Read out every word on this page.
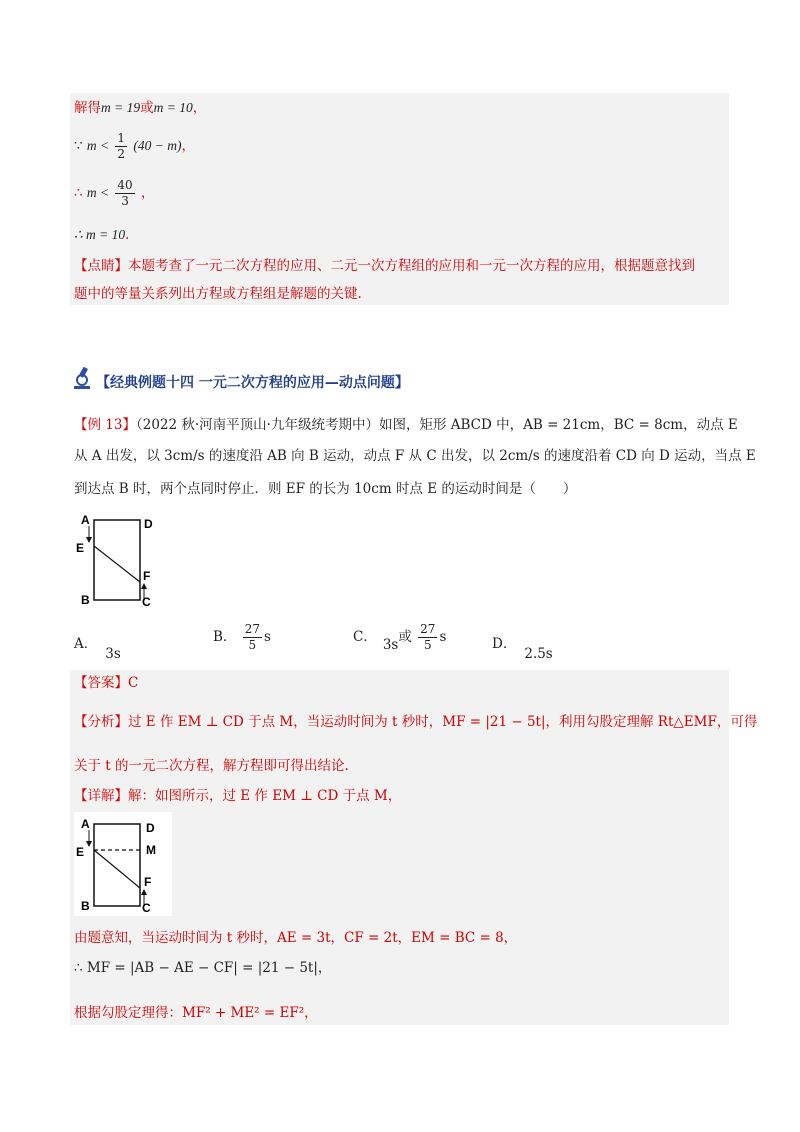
解得m = 19或m = 10，
∵ $m < \frac{1}{2} (40 - m)$，
∴ $m < \frac{40}{3}$ ，
∴ m = 10．
【点睛】本题考查了一元二次方程的应用、二元一次方程组的应用和一元一次方程的应用，根据题意找到
题中的等量关系列出方程或方程组是解题的关键.
【经典例题十四 一元二次方程的应用—动点问题】
【例 13】（2022 秋·河南平顶山·九年级统考期中）如图，矩形 ABCD 中，AB = 21cm，BC = 8cm，动点 E
从 A 出发，以 3cm/s 的速度沿 AB 向 B 运动，动点 F 从 C 出发，以 2cm/s 的速度沿着 CD 向 D 运动，当点 E
到达点 B 时，两个点同时停止．则 EF 的长为 10cm 时点 E 的运动时间是（　　）
A	D
E
F
B	C
A．3s
B． $\frac{27}{5}$ s	C． 3s或 $\frac{27}{5}$ s	D．2.5s
【答案】C
【分析】过 E 作 EM ⊥ CD 于点 M，当运动时间为 t 秒时，MF = |21 − 5t|，利用勾股定理解 Rt△EMF，可得
关于 t 的一元二次方程，解方程即可得出结论.
【详解】解：如图所示，过 E 作 EM ⊥ CD 于点 M，
A	D
E	M
F
B	C
由题意知，当运动时间为 t 秒时，AE = 3t，CF = 2t，EM = BC = 8，
∴ MF = |AB − AE − CF| = |21 − 5t|，
根据勾股定理得：MF² + ME² = EF²，
